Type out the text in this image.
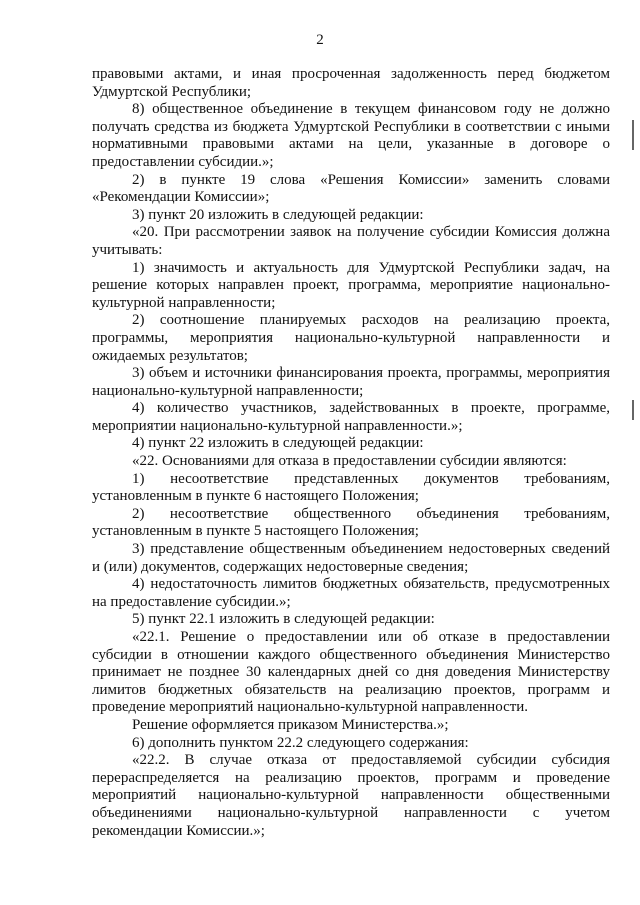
2

правовыми актами, и иная просроченная задолженность перед бюджетом Удмуртской Республики;

8) общественное объединение в текущем финансовом году не должно получать средства из бюджета Удмуртской Республики в соответствии с иными нормативными правовыми актами на цели, указанные в договоре о предоставлении субсидии.»;

2) в пункте 19 слова «Решения Комиссии» заменить словами «Рекомендации Комиссии»;

3) пункт 20 изложить в следующей редакции:

«20. При рассмотрении заявок на получение субсидии Комиссия должна учитывать:

1) значимость и актуальность для Удмуртской Республики задач, на решение которых направлен проект, программа, мероприятие национально-культурной направленности;

2) соотношение планируемых расходов на реализацию проекта, программы, мероприятия национально-культурной направленности и ожидаемых результатов;

3) объем и источники финансирования проекта, программы, мероприятия национально-культурной направленности;

4) количество участников, задействованных в проекте, программе, мероприятии национально-культурной направленности.»;

4) пункт 22 изложить в следующей редакции:

«22. Основаниями для отказа в предоставлении субсидии являются:

1) несоответствие представленных документов требованиям, установленным в пункте 6 настоящего Положения;

2) несоответствие общественного объединения требованиям, установленным в пункте 5 настоящего Положения;

3) представление общественным объединением недостоверных сведений и (или) документов, содержащих недостоверные сведения;

4) недостаточность лимитов бюджетных обязательств, предусмотренных на предоставление субсидии.»;

5) пункт 22.1 изложить в следующей редакции:

«22.1. Решение о предоставлении или об отказе в предоставлении субсидии в отношении каждого общественного объединения Министерство принимает не позднее 30 календарных дней со дня доведения Министерству лимитов бюджетных обязательств на реализацию проектов, программ и проведение мероприятий национально-культурной направленности.

Решение оформляется приказом Министерства.»;

6) дополнить пунктом 22.2 следующего содержания:

«22.2. В случае отказа от предоставляемой субсидии субсидия перераспределяется на реализацию проектов, программ и проведение мероприятий национально-культурной направленности общественными объединениями национально-культурной направленности с учетом рекомендации Комиссии.»;
